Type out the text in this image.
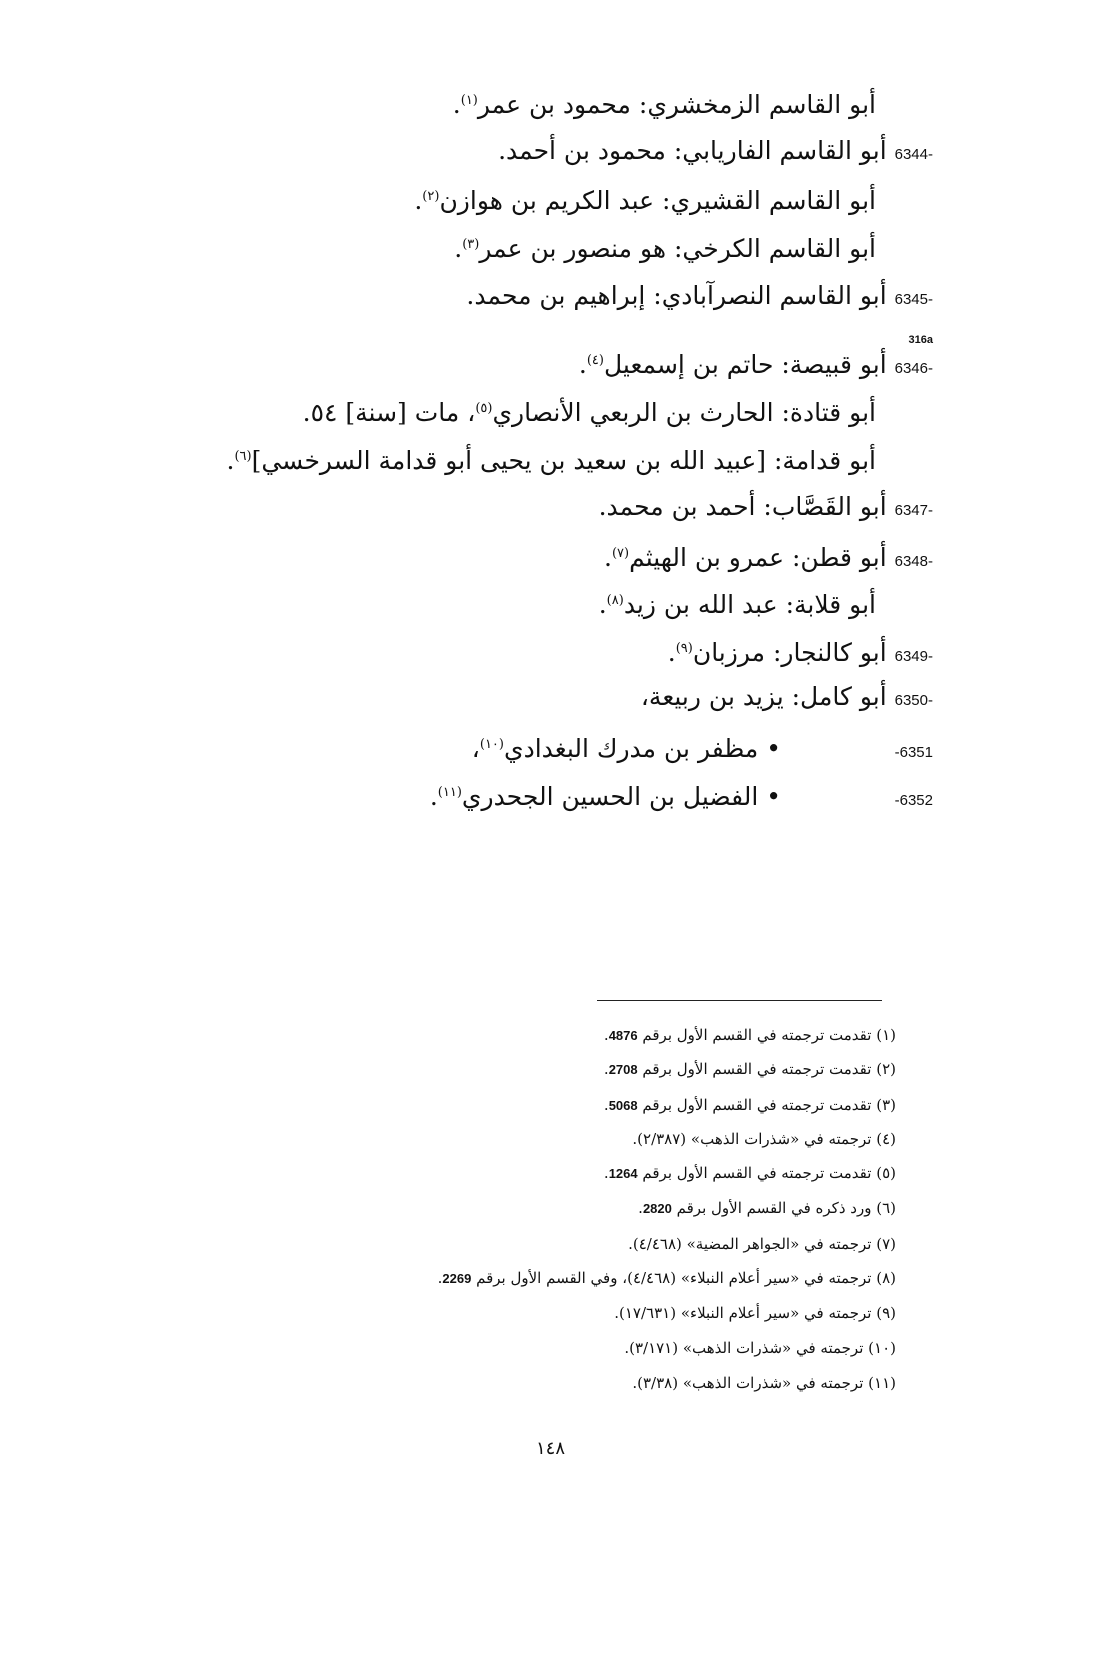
أبو القاسم الزمخشري: محمود بن عمر$^{(١)}$.
6344- أبو القاسم الفاريابي: محمود بن أحمد.
أبو القاسم القشيري: عبد الكريم بن هوازن$^{(٢)}$.
أبو القاسم الكرخي: هو منصور بن عمر$^{(٣)}$.
6345- أبو القاسم النصرآبادي: إبراهيم بن محمد.
316a
6346- أبو قبيصة: حاتم بن إسمعيل$^{(٤)}$.
أبو قتادة: الحارث بن الربعي الأنصاري$^{(٥)}$، مات [سنة] ٥٤.
أبو قدامة: [عبيد الله بن سعيد بن يحيى أبو قدامة السرخسي]$^{(٦)}$.
6347- أبو القَصَّاب: أحمد بن محمد.
6348- أبو قطن: عمرو بن الهيثم$^{(٧)}$.
أبو قلابة: عبد الله بن زيد$^{(٨)}$.
6349- أبو كالنجار: مرزبان$^{(٩)}$.
6350- أبو كامل: يزيد بن ربيعة،
-6351• مظفر بن مدرك البغدادي$^{(١٠)}$،
-6352• الفضيل بن الحسين الجحدري$^{(١١)}$.
(١) تقدمت ترجمته في القسم الأول برقم 4876.
(٢) تقدمت ترجمته في القسم الأول برقم 2708.
(٣) تقدمت ترجمته في القسم الأول برقم 5068.
(٤) ترجمته في «شذرات الذهب» (٢/٣٨٧).
(٥) تقدمت ترجمته في القسم الأول برقم 1264.
(٦) ورد ذكره في القسم الأول برقم 2820.
(٧) ترجمته في «الجواهر المضية» (٤/٤٦٨).
(٨) ترجمته في «سير أعلام النبلاء» (٤/٤٦٨)، وفي القسم الأول برقم 2269.
(٩) ترجمته في «سير أعلام النبلاء» (١٧/٦٣١).
(١٠) ترجمته في «شذرات الذهب» (٣/١٧١).
(١١) ترجمته في «شذرات الذهب» (٣/٣٨).
١٤٨
